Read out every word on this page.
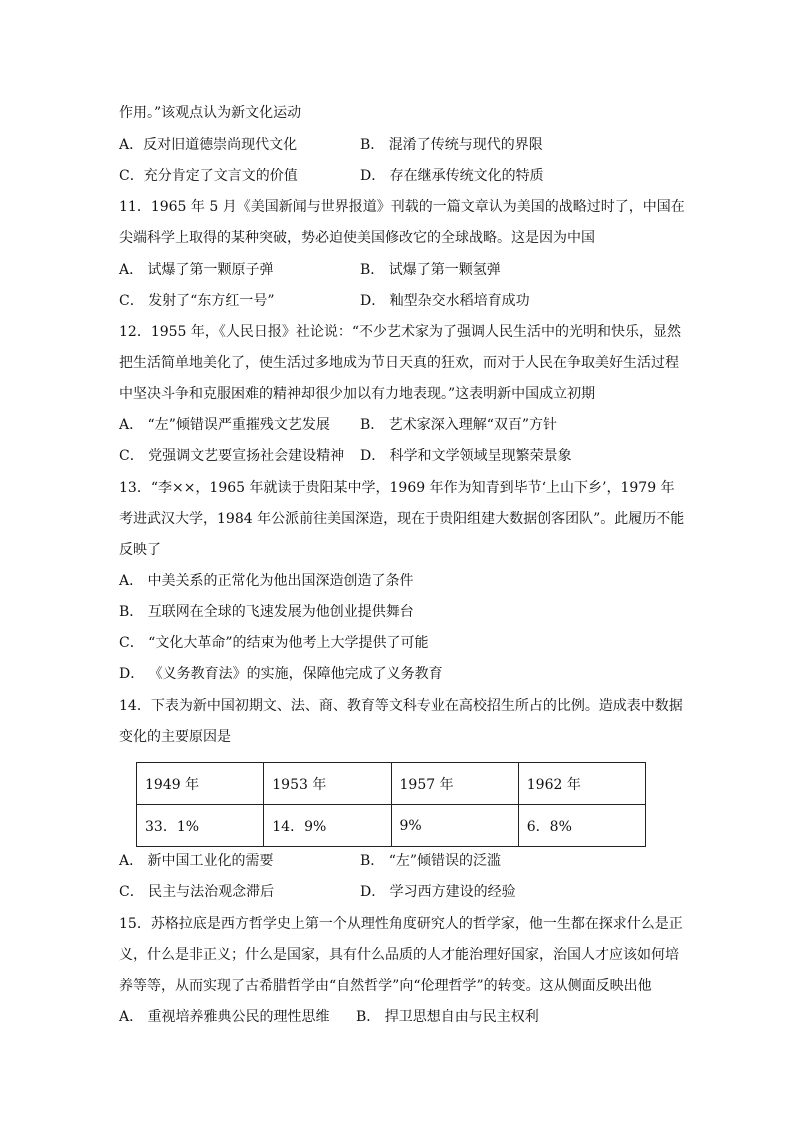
作用。”该观点认为新文化运动

A．反对旧道德崇尚现代文化	B． 混淆了传统与现代的界限

C．充分肯定了文言文的价值	D． 存在继承传统文化的特质

11．1965 年 5 月《美国新闻与世界报道》刊载的一篇文章认为美国的战略过时了，中国在

尖端科学上取得的某种突破，势必迫使美国修改它的全球战略。这是因为中国

A． 试爆了第一颗原子弹	B． 试爆了第一颗氢弹

C． 发射了“东方红一号”	D． 籼型杂交水稻培育成功

12．1955 年，《人民日报》社论说：“不少艺术家为了强调人民生活中的光明和快乐，显然

把生活简单地美化了，使生活过多地成为节日天真的狂欢，而对于人民在争取美好生活过程

中坚决斗争和克服困难的精神却很少加以有力地表现。”这表明新中国成立初期

A． “左”倾错误严重摧残文艺发展 B． 艺术家深入理解“双百”方针

C． 党强调文艺要宣扬社会建设精神 D． 科学和文学领域呈现繁荣景象

13．“李××，1965 年就读于贵阳某中学，1969 年作为知青到毕节‘上山下乡’，1979 年

考进武汉大学，1984 年公派前往美国深造，现在于贵阳组建大数据创客团队”。此履历不能

反映了

A． 中美关系的正常化为他出国深造创造了条件

B． 互联网在全球的飞速发展为他创业提供舞台

C． “文化大革命”的结束为他考上大学提供了可能

D． 《义务教育法》的实施，保障他完成了义务教育

14．下表为新中国初期文、法、商、教育等文科专业在高校招生所占的比例。造成表中数据

变化的主要原因是

1949 年	1953 年	1957 年	1962 年
33．1%	14．9%	9%	6．8%

A． 新中国工业化的需要	B． “左”倾错误的泛滥

C． 民主与法治观念滞后	D． 学习西方建设的经验

15．苏格拉底是西方哲学史上第一个从理性角度研究人的哲学家，他一生都在探求什么是正

义，什么是非正义；什么是国家，具有什么品质的人才能治理好国家，治国人才应该如何培

养等等，从而实现了古希腊哲学由“自然哲学”向“伦理哲学”的转变。这从侧面反映出他

A． 重视培养雅典公民的理性思维 B． 捍卫思想自由与民主权利
